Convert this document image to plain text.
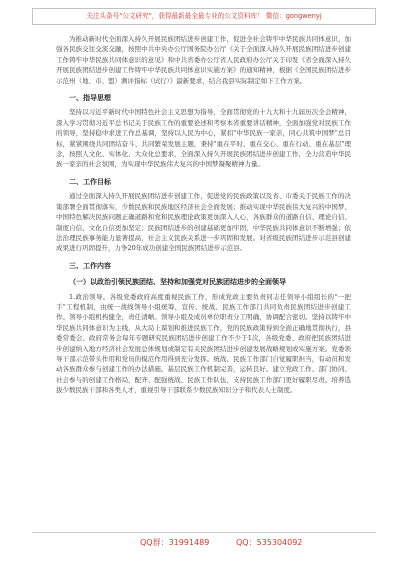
关注头条号"公文研究"，获得最新最全最专业的公文资料库！ 微信：gongwenyj

为推动新时代全面深入持久开展民族团结进步创建工作，促进全社会铸牢中华民族共同体意识，加强各民族交往交流交融，按照中共中央办公厅国务院办公厅《关于全面深入持久开展民族团结进步创建工作铸牢中华民族共同体意识的意见》和中共省委办公厅省人民政府办公厅关于印发《省全面深入持久开展民族团结进步创建工作铸牢中华民族共同体意识实施方案》的通知精神，根据《全国民族团结进步示范州（地、市、盟）测评指标（试行）》最新要求，结合我县实际制定如下工作方案。

一、指导思想

坚持以习近平新时代中国特色社会主义思想为指导，全面贯彻党的十九大和十九届历次全会精神，深入学习贯彻习近平总书记关于民族工作的重要论述和考察本省重要讲话精神，全面加强党对民族工作的领导，坚持稳中求进工作总基调，坚持以人民为中心，紧扣"中华民族一家亲，同心共筑中国梦"总目标，紧紧围绕共同团结奋斗、共同繁荣发展主题，秉持"重在平时、重在交心、重在行动、重在基层"理念，按照人文化、实体化、大众化总要求，全面深入持久开展民族团结进步创建工作，全力营造中华民族一家亲的社会氛围，为实现中华民族伟大复兴的中国梦凝聚精神力量。

二、工作目标

通过全面深入持久开展民族团结进步创建工作，促进党的民族政策以及省、市委关于民族工作的决策部署全面贯彻落实，少数民族和民族地区经济社会全面发展；推动实现中华民族伟大复兴的中国梦、中国特色解决民族问题正确道路和党和民族理论政策更加深入人心，各族群众的道路自信、理论自信、制度自信、文化自信更加坚定；民族团结进步的创建基础更加牢固，中华民族共同体意识不断增强；依法治理民族事务能力显著提高，社会主义民族关系进一步巩固和发展。对省级民族团结进步示范县创建成果进行巩固提升，力争20年成功创建全国民族团结进步示范县。

三、工作内容
（一）以政治引领民族团结、坚持和加强党对民族团结进步的全面领导

1.政治领导。各级党委政府高度重视民族工作，形成党政主要负责同志任领导小组组长的"一把手"工程机制，由统一战线领导小组统筹，宣传、统战、民族工作部门共同负责民族团结进步创建工作。领导小组机构健全，责任清晰。领导小组及成员单位职责分工明确，协调配合密切。坚持以铸牢中华民族共同体意识为主线，从大局上谋划和推进民族工作，党的民族政策得到全面正确地贯彻执行，县委常委会、政府常务会每年专题研究民族团结进步创建工作不少于1次，各级党委、政府把民族团结进步创建纳入地方经济社会发展总体规划或制定有关民族团结进步创建发展战略规划或实施方案。党委领导干部示范带头作用和党员的模范作用得到充分发挥。统战、民族工作部门自觉履职担当，有动员和发动各族群众参与创建工作的办法措施。基层民族工作机制完善，运转良好。建立党政工作、部门协同、社会参与的创建工作格局，配齐、配强统战、民族工作队伍，支持民族工作部门更好履职尽责。培养选拔少数民族干部和各类人才，重视引导干部联系少数民族知识分子和代表人士制度。

QQ群：31991489	QQ：535304092
